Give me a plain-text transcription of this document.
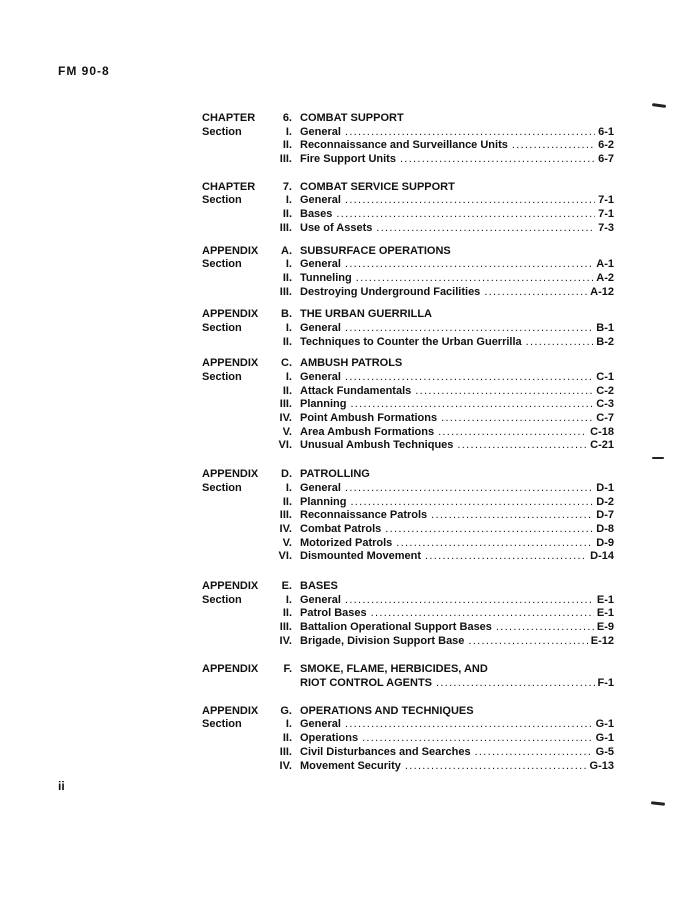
FM 90-8
CHAPTER	6. COMBAT SUPPORT
Section	I. General .....	6-1
II. Reconnaissance and Surveillance Units .....	6-2
III. Fire Support Units .....	6-7
CHAPTER	7. COMBAT SERVICE SUPPORT
Section	I. General .....	7-1
II. Bases .....	7-1
III. Use of Assets .....	7-3
APPENDIX	A. SUBSURFACE OPERATIONS
Section	I. General .....	A-1
II. Tunneling .....	A-2
III. Destroying Underground Facilities .....	A-12
APPENDIX	B. THE URBAN GUERRILLA
Section	I. General .....	B-1
II. Techniques to Counter the Urban Guerrilla .....	B-2
APPENDIX	C. AMBUSH PATROLS
Section	I. General .....	C-1
II. Attack Fundamentals .....	C-2
III. Planning .....	C-3
IV. Point Ambush Formations .....	C-7
V. Area Ambush Formations .....	C-18
VI. Unusual Ambush Techniques .....	C-21
APPENDIX	D. PATROLLING
Section	I. General .....	D-1
II. Planning .....	D-2
III. Reconnaissance Patrols .....	D-7
IV. Combat Patrols .....	D-8
V. Motorized Patrols .....	D-9
VI. Dismounted Movement .....	D-14
APPENDIX	E. BASES
Section	I. General .....	E-1
II. Patrol Bases .....	E-1
III. Battalion Operational Support Bases .....	E-9
IV. Brigade, Division Support Base .....	E-12
APPENDIX	F. SMOKE, FLAME, HERBICIDES, AND
RIOT CONTROL AGENTS .....	F-1
APPENDIX	G. OPERATIONS AND TECHNIQUES
Section	I. General .....	G-1
II. Operations .....	G-1
III. Civil Disturbances and Searches .....	G-5
IV. Movement Security .....	G-13
ii
